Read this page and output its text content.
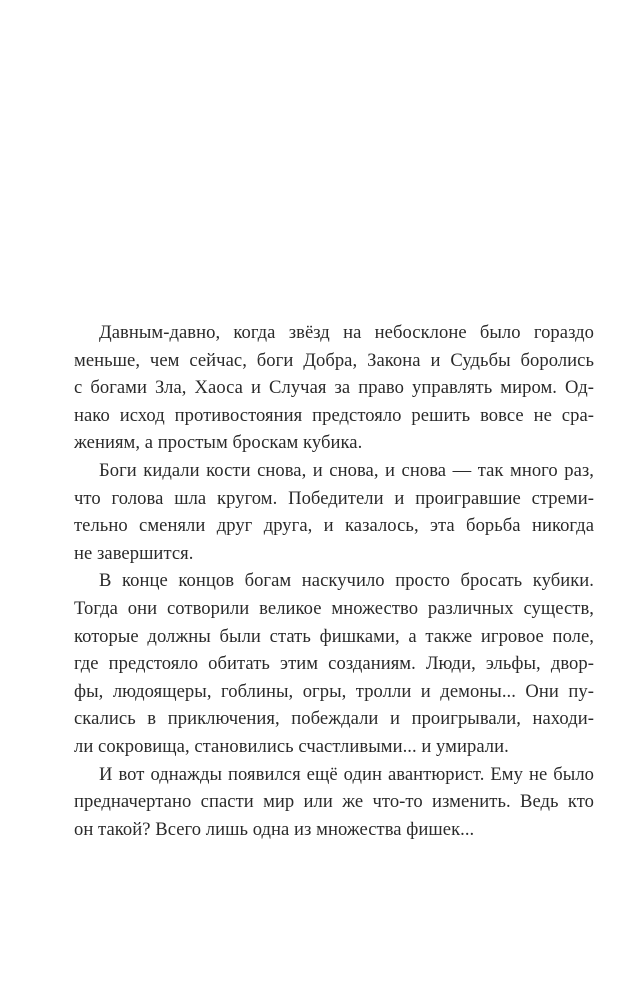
Давным-давно, когда звёзд на небосклоне было гораздо
меньше, чем сейчас, боги Добра, Закона и Судьбы боролись
с богами Зла, Хаоса и Случая за право управлять миром. Од-
нако исход противостояния предстояло решить вовсе не сра-
жениям, а простым броскам кубика.
Боги кидали кости снова, и снова, и снова — так много раз,
что голова шла кругом. Победители и проигравшие стреми-
тельно сменяли друг друга, и казалось, эта борьба никогда
не завершится.
В конце концов богам наскучило просто бросать кубики.
Тогда они сотворили великое множество различных существ,
которые должны были стать фишками, а также игровое поле,
где предстояло обитать этим созданиям. Люди, эльфы, двор-
фы, людоящеры, гоблины, огры, тролли и демоны... Они пу-
скались в приключения, побеждали и проигрывали, находи-
ли сокровища, становились счастливыми... и умирали.
И вот однажды появился ещё один авантюрист. Ему не было
предначертано спасти мир или же что-то изменить. Ведь кто
он такой? Всего лишь одна из множества фишек...
